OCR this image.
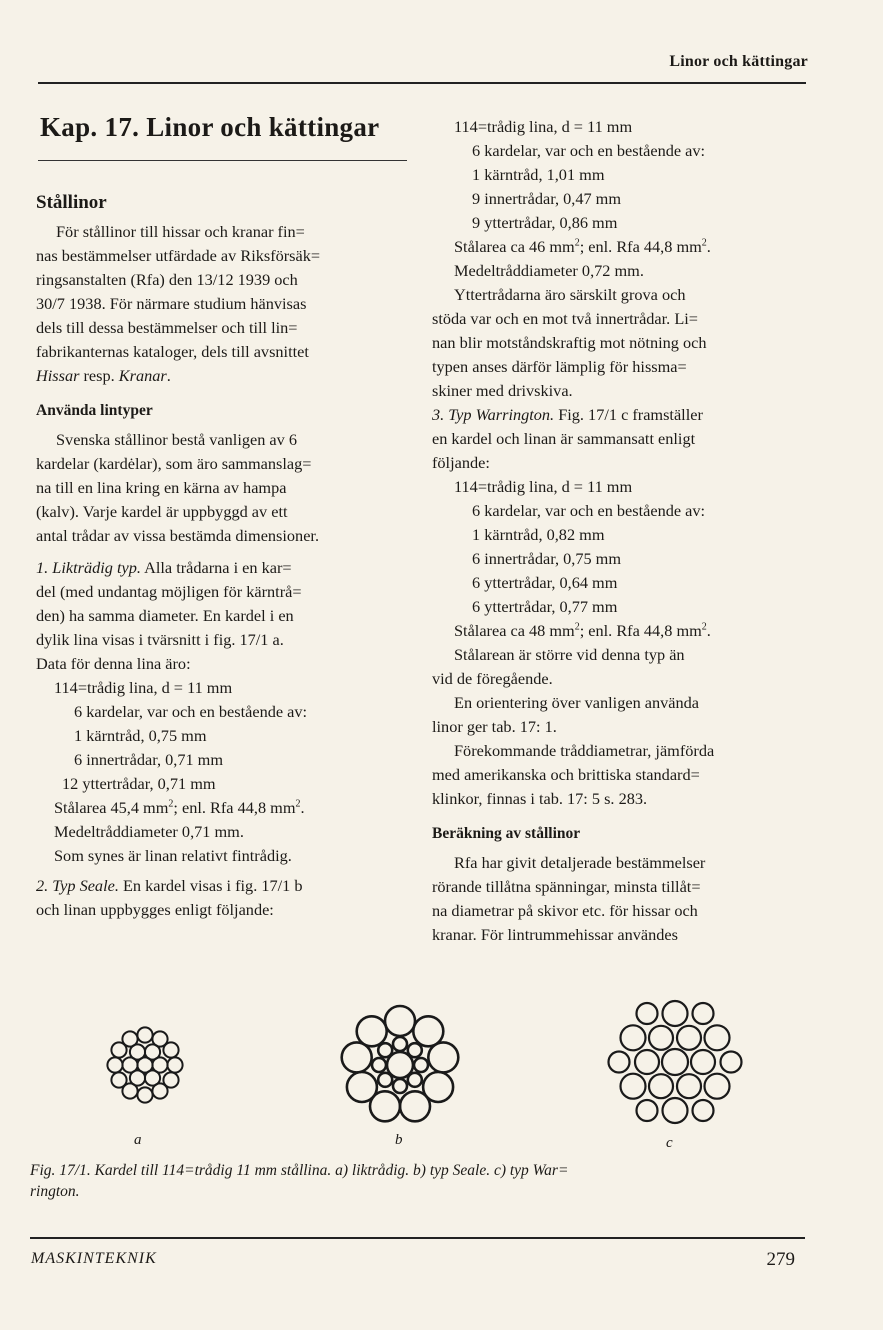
Linor och kättingar
Kap. 17. Linor och kättingar
Stållinor

För stållinor till hissar och kranar fin=
nas bestämmelser utfärdade av Riksförsäk=
ringsanstalten (Rfa) den 13/12 1939 och
30/7 1938. För närmare studium hänvisas
dels till dessa bestämmelser och till lin=
fabrikanternas kataloger, dels till avsnittet
Hissar resp. Kranar.

Använda lintyper

Svenska stållinor bestå vanligen av 6
kardelar (kardėlar), som äro sammanslag=
na till en lina kring en kärna av hampa
(kalv). Varje kardel är uppbyggd av ett
antal trådar av vissa bestämda dimensioner.

1. Likträdig typ. Alla trådarna i en kar=
del (med undantag möjligen för kärntrå=
den) ha samma diameter. En kardel i en
dylik lina visas i tvärsnitt i fig. 17/1 a.
Data för denna lina äro:

114=trådig lina, d = 11 mm
6 kardelar, var och en bestående av:
1 kärntråd, 0,75 mm
6 innertrådar, 0,71 mm
12 yttertrådar, 0,71 mm
Stålarea 45,4 $mm^2$; enl. Rfa 44,8 $mm^2$.
Medeltråddiameter 0,71 mm.
Som synes är linan relativt fintrådig.

2. Typ Seale. En kardel visas i fig. 17/1 b
och linan uppbygges enligt följande:

114=trådig lina, d = 11 mm
6 kardelar, var och en bestående av:
1 kärntråd, 1,01 mm
9 innertrådar, 0,47 mm
9 yttertrådar, 0,86 mm
Stålarea ca 46 $mm^2$; enl. Rfa 44,8 $mm^2$.
Medeltråddiameter 0,72 mm.

Yttertrådarna äro särskilt grova och
stöda var och en mot två innertrådar. Li=
nan blir motståndskraftig mot nötning och
typen anses därför lämplig för hissma=
skiner med drivskiva.

3. Typ Warrington. Fig. 17/1 c framställer
en kardel och linan är sammansatt enligt
följande:

114=trådig lina, d = 11 mm
6 kardelar, var och en bestående av:
1 kärntråd, 0,82 mm
6 innertrådar, 0,75 mm
6 yttertrådar, 0,64 mm
6 yttertrådar, 0,77 mm
Stålarea ca 48 $mm^2$; enl. Rfa 44,8 $mm^2$.

Stålarean är större vid denna typ än
vid de föregående.

En orientering över vanligen använda
linor ger tab. 17: 1.

Förekommande tråddiametrar, jämförda
med amerikanska och brittiska standard=
klinkor, finnas i tab. 17: 5 s. 283.

Beräkning av stållinor

Rfa har givit detaljerade bestämmelser
rörande tillåtna spänningar, minsta tillåt=
na diametrar på skivor etc. för hissar och
kranar. För lintrummehissar användes

a	b	c
Fig. 17/1. Kardel till 114=trådig 11 mm stållina. a) liktrådig. b) typ Seale. c) typ War=
rington.
MASKINTEKNIK	279
